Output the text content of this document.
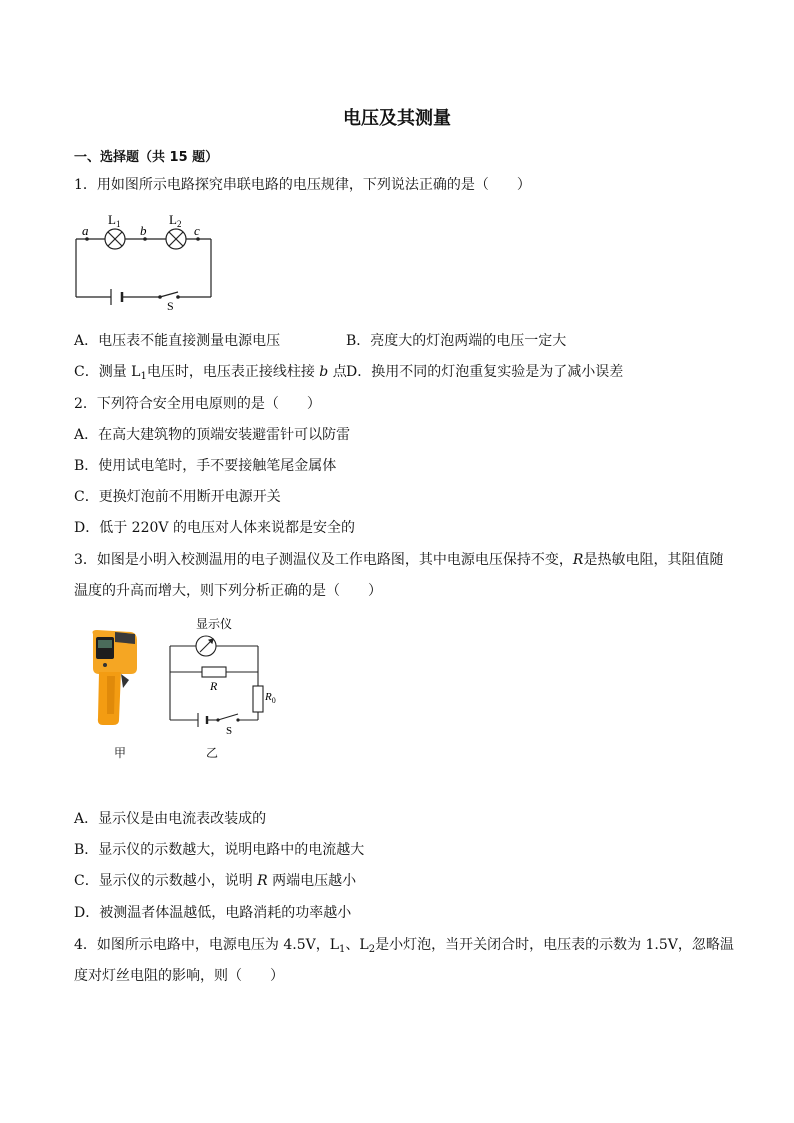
电压及其测量
一、选择题（共 15 题）
1．用如图所示电路探究串联电路的电压规律，下列说法正确的是（　　）
a	b	c
$L_1$	$L_2$
S
A．电压表不能直接测量电源电压	B．亮度大的灯泡两端的电压一定大
C．测量 $L_1$电压时，电压表正接线柱接 b 点 D．换用不同的灯泡重复实验是为了减小误差
2．下列符合安全用电原则的是（　　）
A．在高大建筑物的顶端安装避雷针可以防雷
B．使用试电笔时，手不要接触笔尾金属体
C．更换灯泡前不用断开电源开关
D．低于 220V 的电压对人体来说都是安全的
3．如图是小明入校测温用的电子测温仪及工作电路图，其中电源电压保持不变，R是热敏电阻，其阻值随
温度的升高而增大，则下列分析正确的是（　　）
甲
显示仪
R
$R_0$
S
乙
A．显示仪是由电流表改装成的
B．显示仪的示数越大，说明电路中的电流越大
C．显示仪的示数越小，说明 R 两端电压越小
D．被测温者体温越低，电路消耗的功率越小
4．如图所示电路中，电源电压为 4.5V，$L_1$、$L_2$是小灯泡，当开关闭合时，电压表的示数为 1.5V，忽略温
度对灯丝电阻的影响，则（　　）
